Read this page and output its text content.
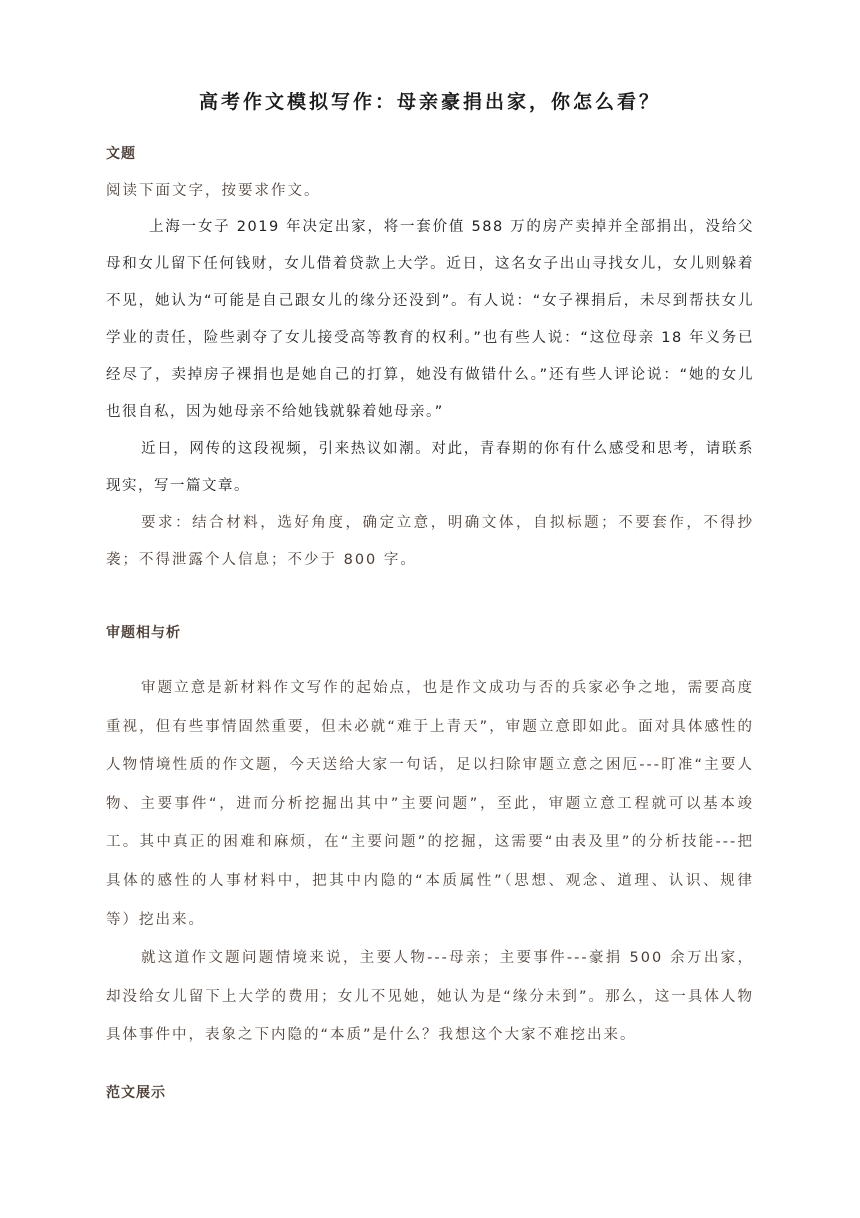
高考作文模拟写作：母亲豪捐出家，你怎么看？
文题

阅读下面文字，按要求作文。

上海一女子 2019 年决定出家，将一套价值 588 万的房产卖掉并全部捐出，没给父母和女儿留下任何钱财，女儿借着贷款上大学。近日，这名女子出山寻找女儿，女儿则躲着不见，她认为“可能是自己跟女儿的缘分还没到”。有人说：“女子裸捐后，未尽到帮扶女儿学业的责任，险些剥夺了女儿接受高等教育的权利。”也有些人说：“这位母亲 18 年义务已经尽了，卖掉房子裸捐也是她自己的打算，她没有做错什么。”还有些人评论说：“她的女儿也很自私，因为她母亲不给她钱就躲着她母亲。”

近日，网传的这段视频，引来热议如潮。对此，青春期的你有什么感受和思考，请联系现实，写一篇文章。

要求：结合材料，选好角度，确定立意，明确文体，自拟标题；不要套作，不得抄袭；不得泄露个人信息；不少于 800 字。

审题相与析

审题立意是新材料作文写作的起始点，也是作文成功与否的兵家必争之地，需要高度重视，但有些事情固然重要，但未必就“难于上青天”，审题立意即如此。面对具体感性的人物情境性质的作文题，今天送给大家一句话，足以扫除审题立意之困厄---盯准“主要人物、主要事件“，进而分析挖掘出其中”主要问题”，至此，审题立意工程就可以基本竣工。其中真正的困难和麻烦，在“主要问题”的挖掘，这需要“由表及里”的分析技能---把具体的感性的人事材料中，把其中内隐的“本质属性”（思想、观念、道理、认识、规律 等）挖出来。

就这道作文题问题情境来说，主要人物---母亲；主要事件---豪捐 500 余万出家，却没给女儿留下上大学的费用；女儿不见她，她认为是“缘分未到”。那么，这一具体人物具体事件中，表象之下内隐的“本质”是什么？我想这个大家不难挖出来。

范文展示
